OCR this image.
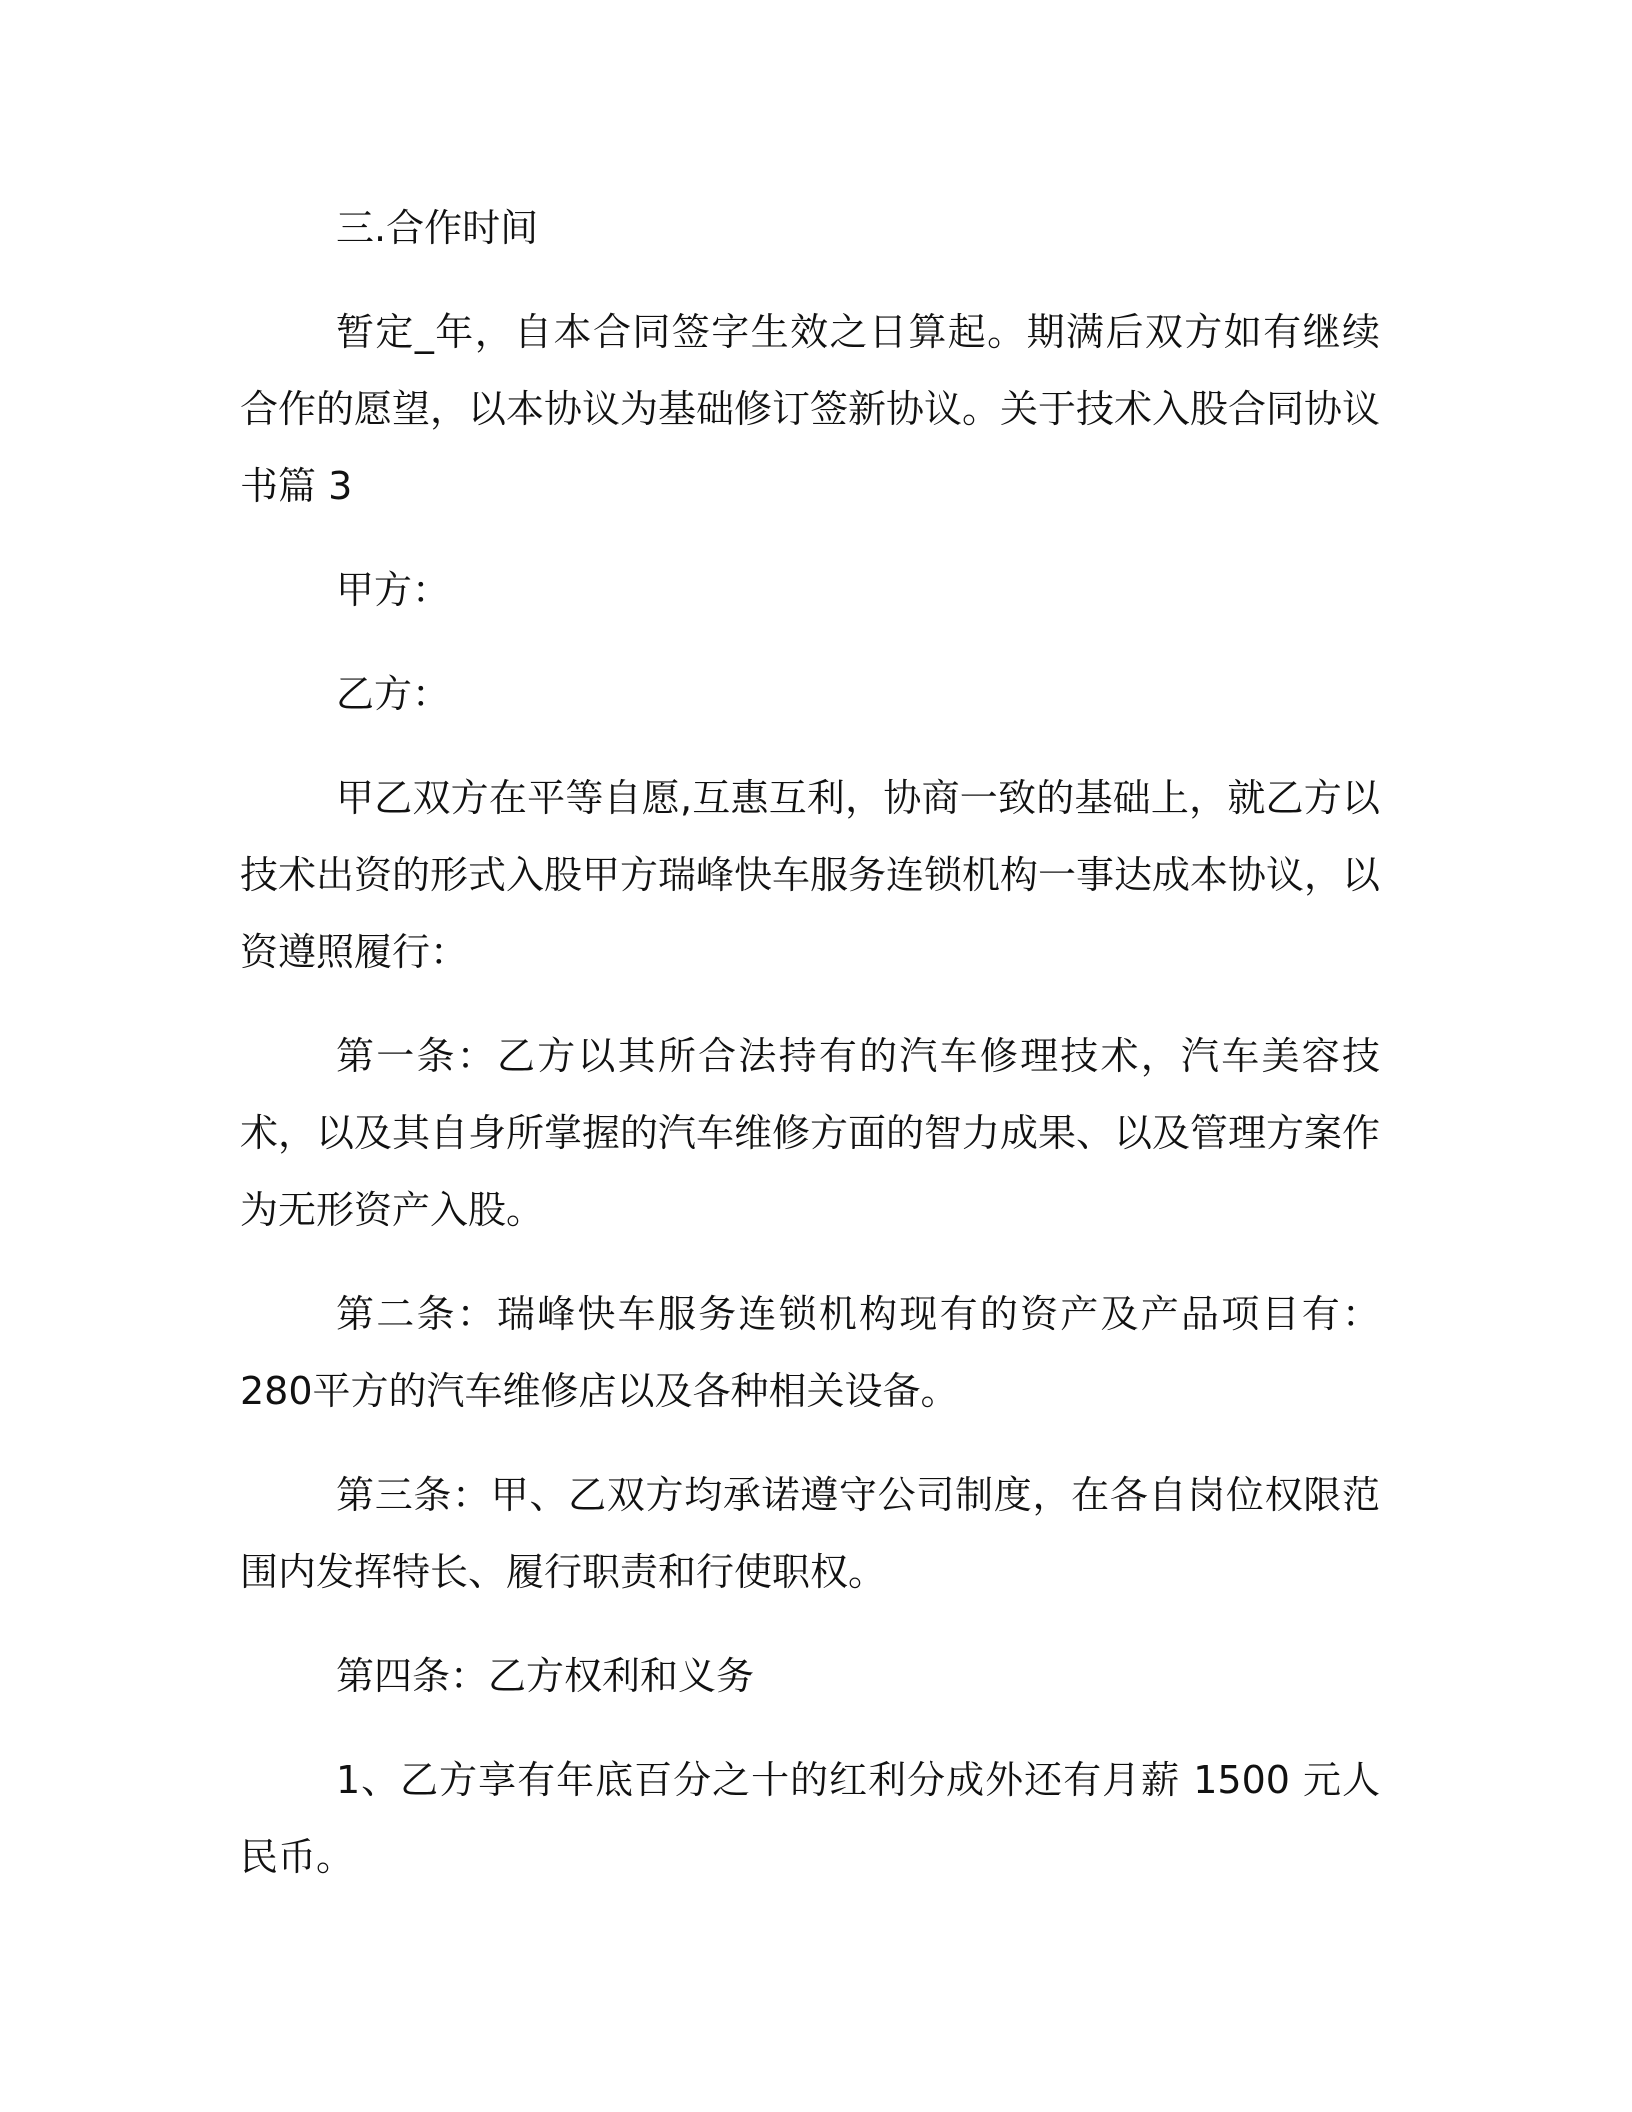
三.合作时间

暂定_年，自本合同签字生效之日算起。期满后双方如有继续合作的愿望，以本协议为基础修订签新协议。关于技术入股合同协议书篇 3

甲方：

乙方：

甲乙双方在平等自愿,互惠互利，协商一致的基础上，就乙方以技术出资的形式入股甲方瑞峰快车服务连锁机构一事达成本协议，以资遵照履行：

第一条：乙方以其所合法持有的汽车修理技术，汽车美容技术，以及其自身所掌握的汽车维修方面的智力成果、以及管理方案作为无形资产入股。

第二条：瑞峰快车服务连锁机构现有的资产及产品项目有：280平方的汽车维修店以及各种相关设备。

第三条：甲、乙双方均承诺遵守公司制度，在各自岗位权限范围内发挥特长、履行职责和行使职权。

第四条：乙方权利和义务

1、乙方享有年底百分之十的红利分成外还有月薪 1500 元人民币。
